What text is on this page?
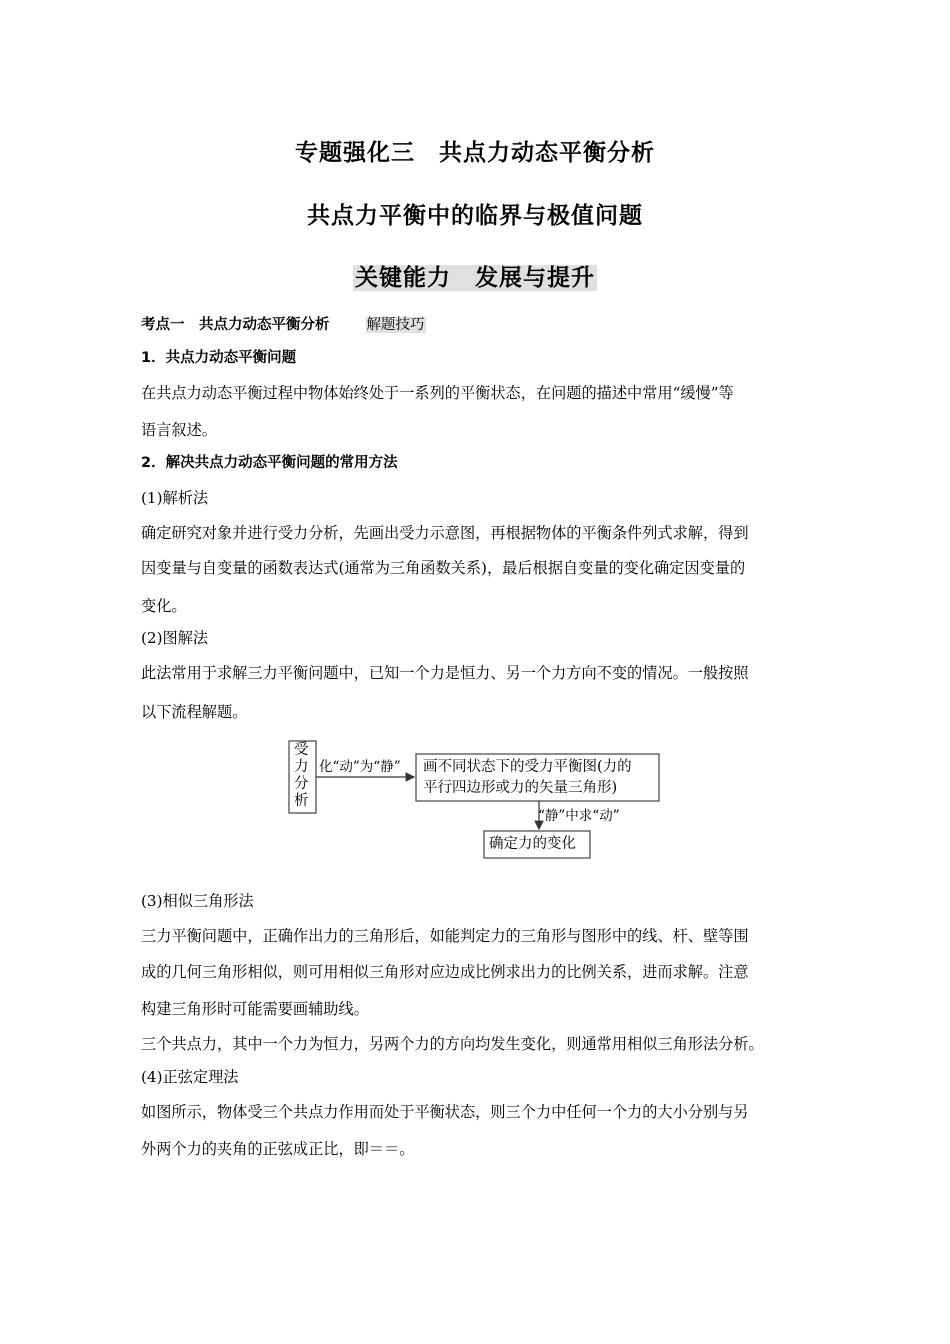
专题强化三　共点力动态平衡分析
共点力平衡中的临界与极值问题
关键能力　发展与提升
考点一　共点力动态平衡分析	解题技巧
1．共点力动态平衡问题
在共点力动态平衡过程中物体始终处于一系列的平衡状态，在问题的描述中常用“缓慢”等
语言叙述。
2．解决共点力动态平衡问题的常用方法
(1)解析法
确定研究对象并进行受力分析，先画出受力示意图，再根据物体的平衡条件列式求解，得到
因变量与自变量的函数表达式(通常为三角函数关系)，最后根据自变量的变化确定因变量的
变化。
(2)图解法
此法常用于求解三力平衡问题中，已知一个力是恒力、另一个力方向不变的情况。一般按照
以下流程解题。
受
力
分
析
化“动”为“静” 画不同状态下的受力平衡图(力的
平行四边形或力的矢量三角形)
“静”中求“动”
确定力的变化
(3)相似三角形法
三力平衡问题中，正确作出力的三角形后，如能判定力的三角形与图形中的线、杆、壁等围
成的几何三角形相似，则可用相似三角形对应边成比例求出力的比例关系，进而求解。注意
构建三角形时可能需要画辅助线。
三个共点力，其中一个力为恒力，另两个力的方向均发生变化，则通常用相似三角形法分析。
(4)正弦定理法
如图所示，物体受三个共点力作用而处于平衡状态，则三个力中任何一个力的大小分别与另
外两个力的夹角的正弦成正比，即＝＝。
